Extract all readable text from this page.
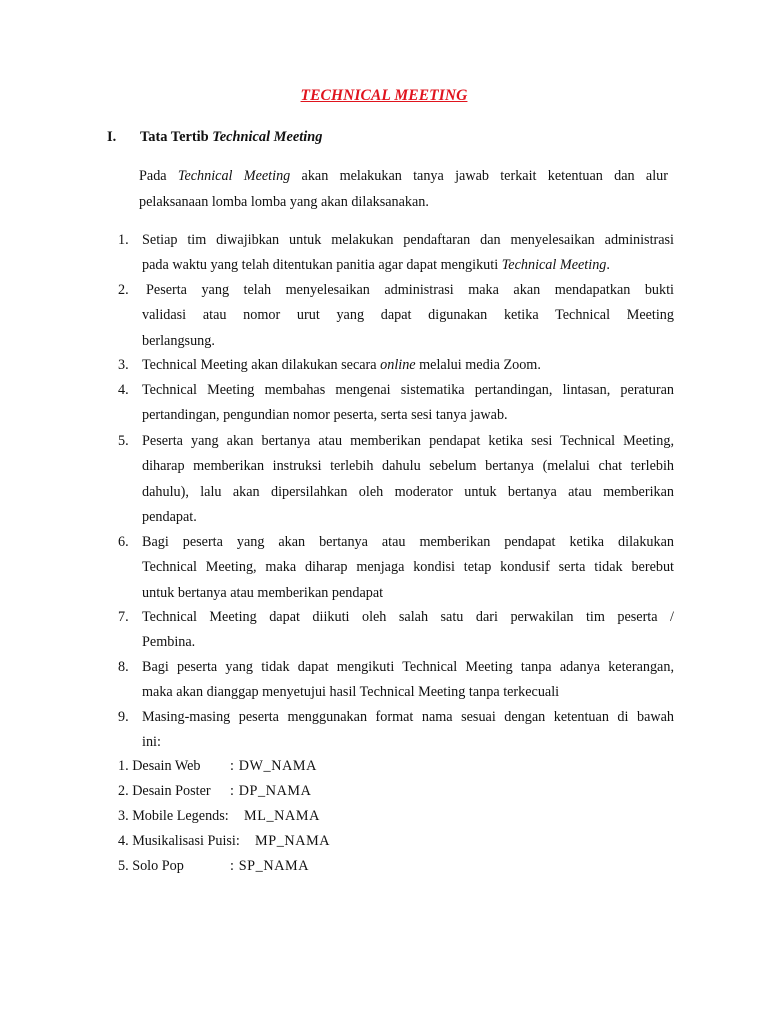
TECHNICAL MEETING
I. Tata Tertib Technical Meeting
Pada Technical Meeting akan melakukan tanya jawab terkait ketentuan dan alur
pelaksanaan lomba lomba yang akan dilaksanakan.
1. Setiap tim diwajibkan untuk melakukan pendaftaran dan menyelesaikan administrasi
pada waktu yang telah ditentukan panitia agar dapat mengikuti Technical Meeting.
2.	Peserta yang telah menyelesaikan administrasi maka akan mendapatkan bukti
validasi atau nomor urut yang dapat digunakan ketika Technical Meeting
berlangsung.
3. Technical Meeting akan dilakukan secara online melalui media Zoom.
4. Technical Meeting membahas mengenai sistematika pertandingan, lintasan, peraturan
pertandingan, pengundian nomor peserta, serta sesi tanya jawab.
5. Peserta yang akan bertanya atau memberikan pendapat ketika sesi Technical Meeting,
diharap memberikan instruksi terlebih dahulu sebelum bertanya (melalui chat terlebih
dahulu), lalu akan dipersilahkan oleh moderator untuk bertanya atau memberikan
pendapat.
6. Bagi peserta yang akan bertanya atau memberikan pendapat ketika dilakukan
Technical Meeting, maka diharap menjaga kondisi tetap kondusif serta tidak berebut
untuk bertanya atau memberikan pendapat
7. Technical Meeting dapat diikuti oleh salah satu dari perwakilan tim peserta /
Pembina.
8. Bagi peserta yang tidak dapat mengikuti Technical Meeting tanpa adanya keterangan,
maka akan dianggap menyetujui hasil Technical Meeting tanpa terkecuali
9. Masing-masing peserta menggunakan format nama sesuai dengan ketentuan di bawah
ini:
1. Desain Web : DW_NAMA
2. Desain Poster : DP_NAMA
3. Mobile Legends: ML_NAMA
4. Musikalisasi Puisi: MP_NAMA
5. Solo Pop	: SP_NAMA
